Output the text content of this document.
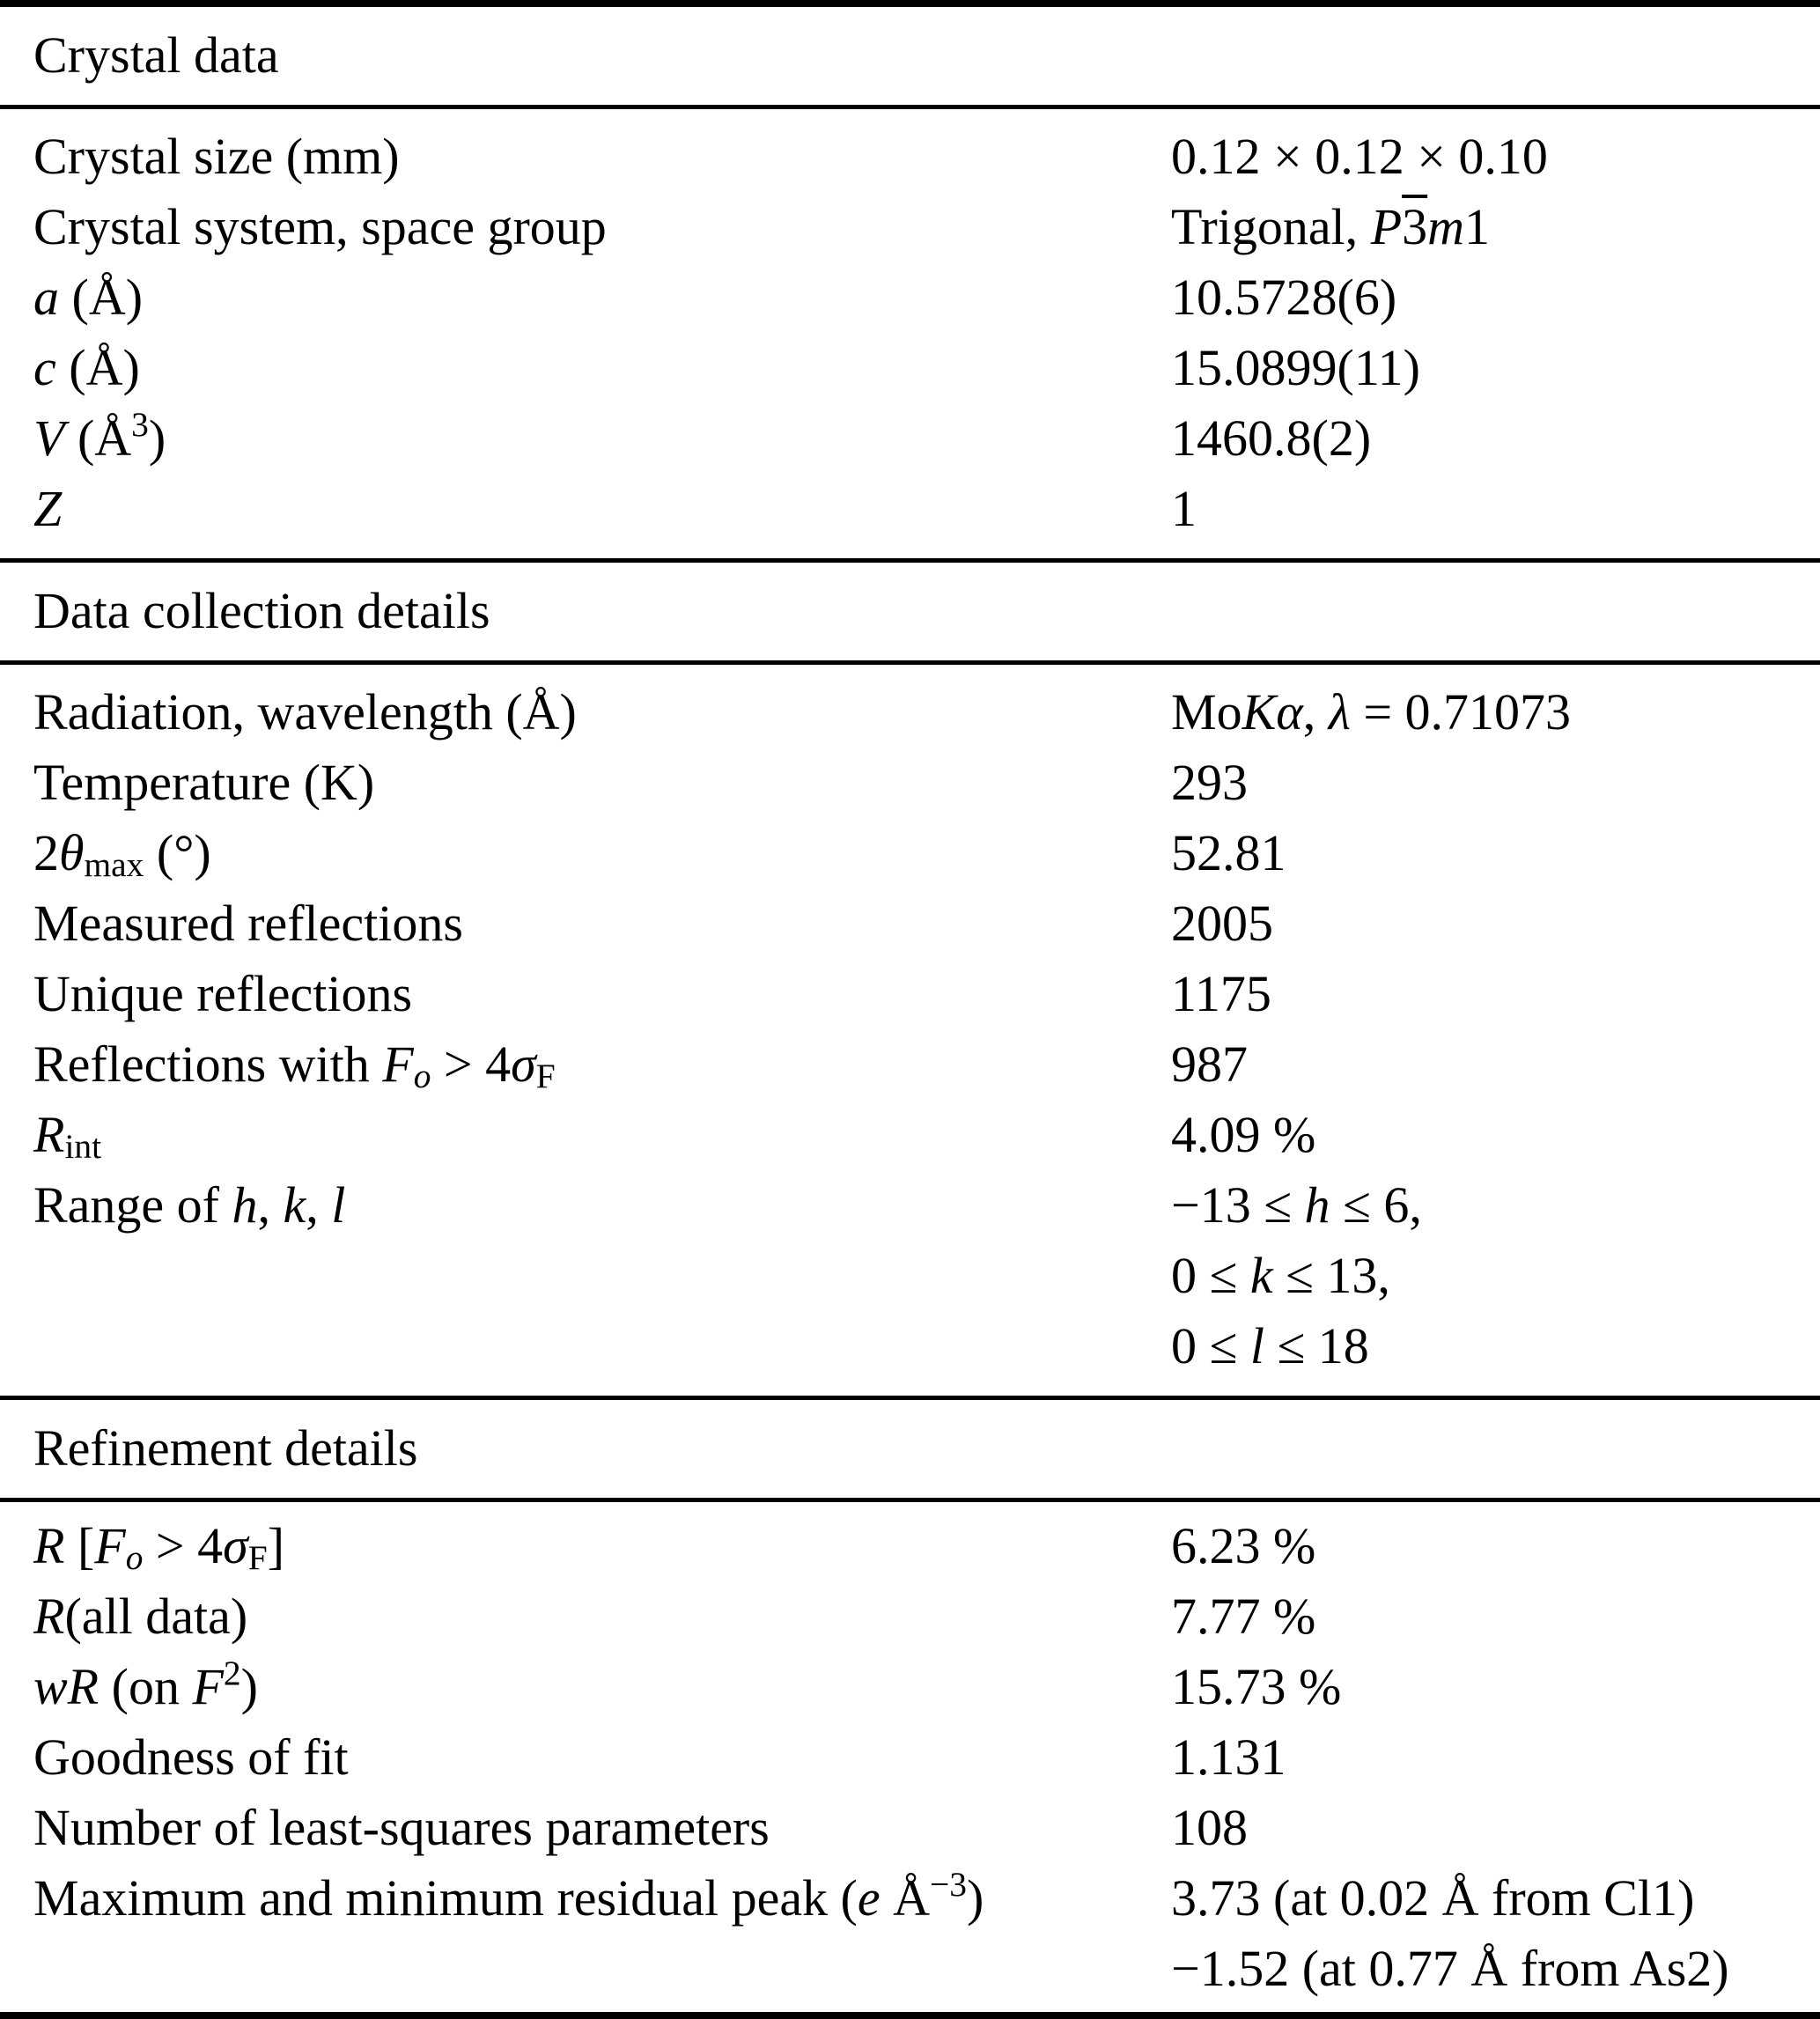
Crystal data
Crystal size (mm)	0.12 × 0.12 × 0.10
Crystal system, space group	Trigonal, P3m1
a (Å)	10.5728(6)
c (Å)	15.0899(11)
V $(Å^3)$	1460.8(2)
Z	1
Data collection details
Radiation, wavelength (Å)	MoKα, λ = 0.71073
Temperature (K)	293
$2\theta_{max}$ (°)	52.81
Measured reflections	2005
Unique reflections	1175
Reflections with $F_o > 4\sigma_F$	987
$R_{int}$	4.09 %
Range of h, k, l	−13 ≤ h ≤ 6,
0 ≤ k ≤ 13,
0 ≤ l ≤ 18
Refinement details
R $[F_o > 4\sigma_F]$	6.23 %
R(all data)	7.77 %
wR (on $F^2$)	15.73 %
Goodness of fit	1.131
Number of least-squares parameters	108
Maximum and minimum residual peak (e $Å^{-3}$)	3.73 (at 0.02 Å from Cl1)
−1.52 (at 0.77 Å from As2)
